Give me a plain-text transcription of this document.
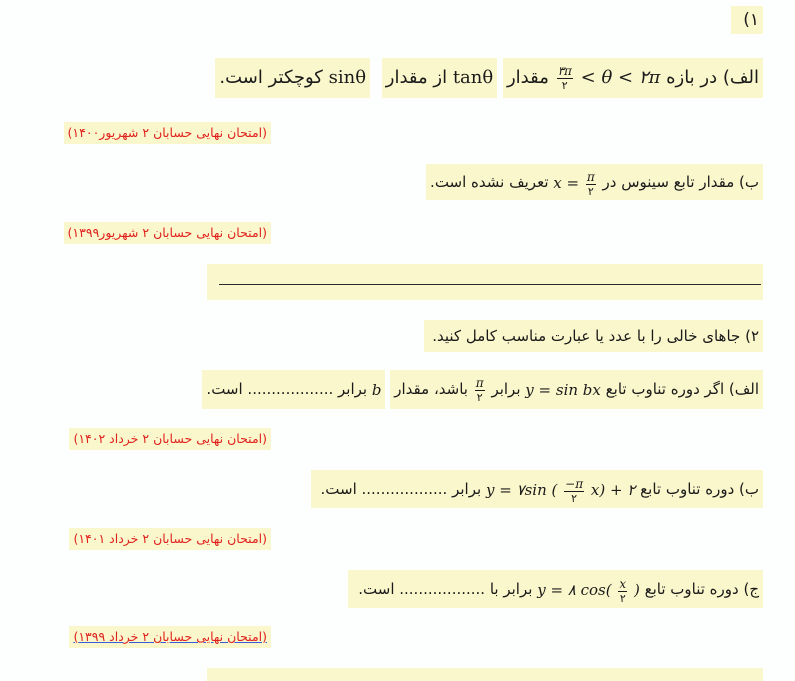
۱)
الف) در بازه
$\frac{۳\pi}{۲} < \theta$ < ۲π مقدار tanθ از مقدار sinθ کوچکتر است.
(امتحان نهایی حسابان ۲ شهریور۱۴۰۰)
ب) مقدار تابع سینوس در $x = \frac{\pi}{۲}$
تعریف نشده است.
(امتحان نهایی حسابان ۲ شهریور۱۳۹۹)
۲) جاهای خالی را با عدد یا عبارت مناسب کامل کنید.
الف) اگر دوره تناوب تابع y = sin bx برابر
$\frac{\pi}{۲}$
باشد، مقدار b برابر .................. است.
(امتحان نهایی حسابان ۲ خرداد ۱۴۰۲)
ب) دوره تناوب تابع y = ۷sin ( $\frac{-\pi}{۲} x$) + ۲ برابر .................. است.
(امتحان نهایی حسابان ۲ خرداد ۱۴۰۱)
ج) دوره تناوب تابع y = ۸ $\cos( \frac{x}{۲}$ ) برابر با .................. است.
(امتحان نهایی حسابان ۲ خرداد ۱۳۹۹)
